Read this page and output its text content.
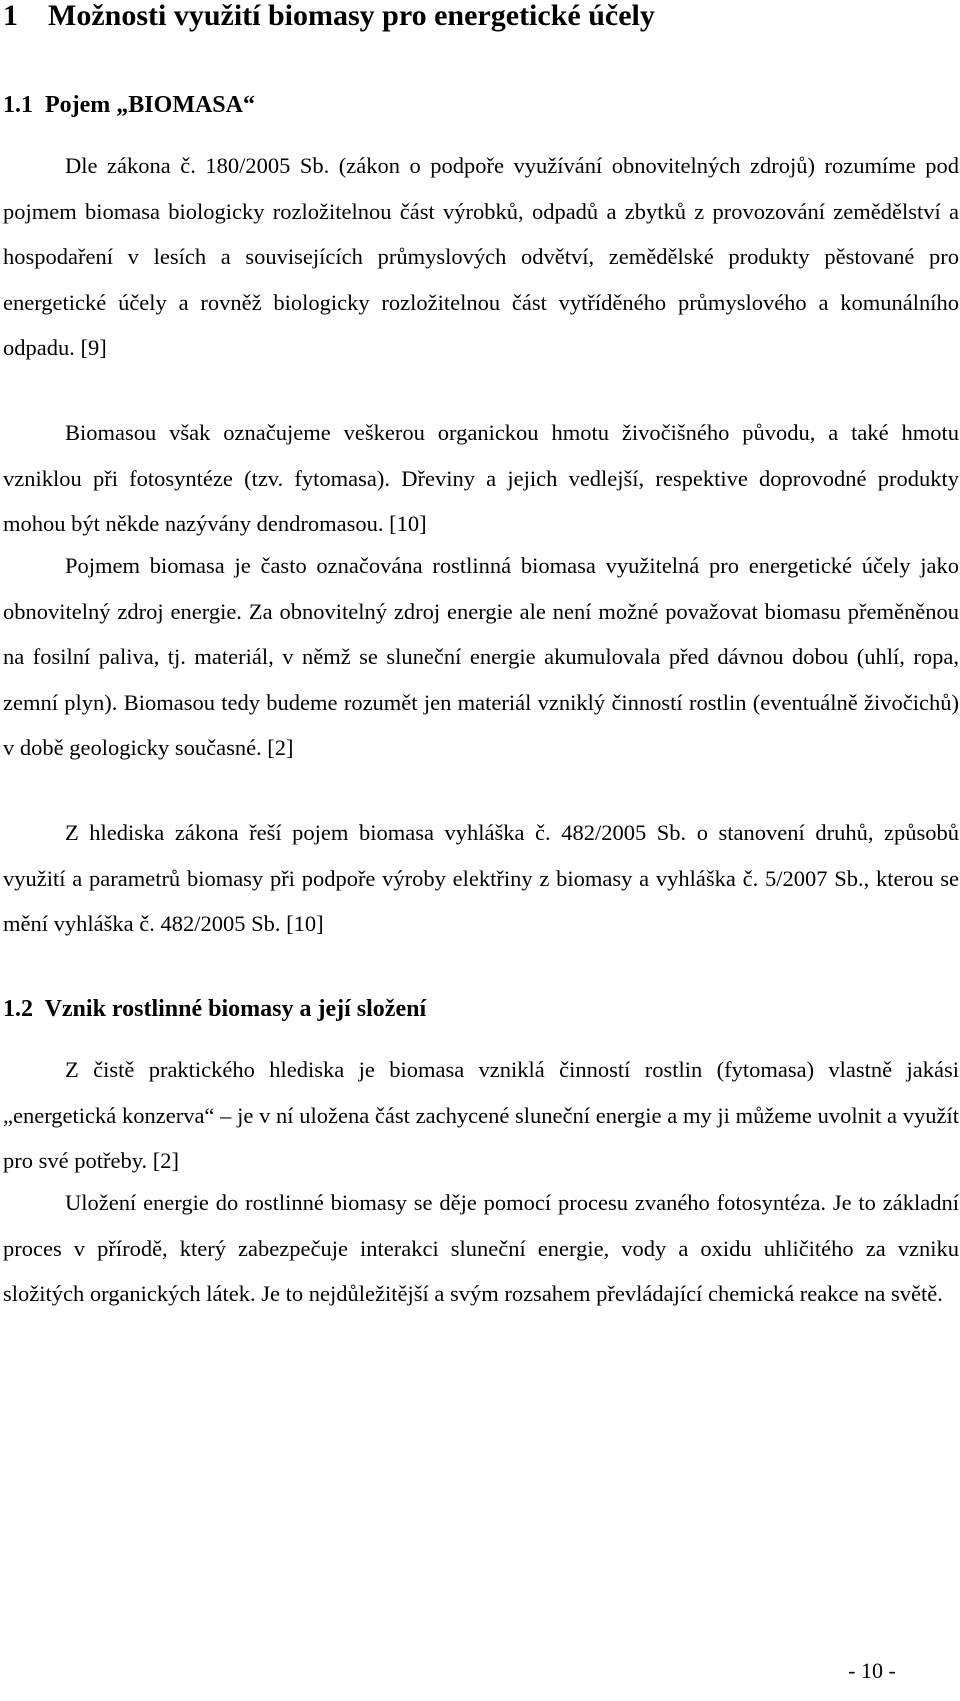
1    Možnosti využití biomasy pro energetické účely
1.1  Pojem „BIOMASA“

Dle zákona č. 180/2005 Sb. (zákon o podpoře využívání obnovitelných zdrojů) rozumíme pod pojmem biomasa biologicky rozložitelnou část výrobků, odpadů a zbytků z provozování zemědělství a hospodaření v lesích a souvisejících průmyslových odvětví, zemědělské produkty pěstované pro energetické účely a rovněž biologicky rozložitelnou část vytříděného průmyslového a komunálního odpadu. [9]

Biomasou však označujeme veškerou organickou hmotu živočišného původu, a také hmotu vzniklou při fotosyntéze (tzv. fytomasa). Dřeviny a jejich vedlejší, respektive doprovodné produkty mohou být někde nazývány dendromasou. [10]

Pojmem biomasa je často označována rostlinná biomasa využitelná pro energetické účely jako obnovitelný zdroj energie. Za obnovitelný zdroj energie ale není možné považovat biomasu přeměněnou na fosilní paliva, tj. materiál, v němž se sluneční energie akumulovala před dávnou dobou (uhlí, ropa, zemní plyn). Biomasou tedy budeme rozumět jen materiál vzniklý činností rostlin (eventuálně živočichů) v době geologicky současné. [2]

Z hlediska zákona řeší pojem biomasa vyhláška č. 482/2005 Sb. o stanovení druhů, způsobů využití a parametrů biomasy při podpoře výroby elektřiny z biomasy a vyhláška č. 5/2007 Sb., kterou se mění vyhláška č. 482/2005 Sb. [10]

1.2  Vznik rostlinné biomasy a její složení

Z čistě praktického hlediska je biomasa vzniklá činností rostlin (fytomasa) vlastně jakási „energetická konzerva“ – je v ní uložena část zachycené sluneční energie a my ji můžeme uvolnit a využít pro své potřeby. [2]

Uložení energie do rostlinné biomasy se děje pomocí procesu zvaného fotosyntéza. Je to základní proces v přírodě, který zabezpečuje interakci sluneční energie, vody a oxidu uhličitého za vzniku složitých organických látek. Je to nejdůležitější a svým rozsahem převládající chemická reakce na světě.

- 10 -
